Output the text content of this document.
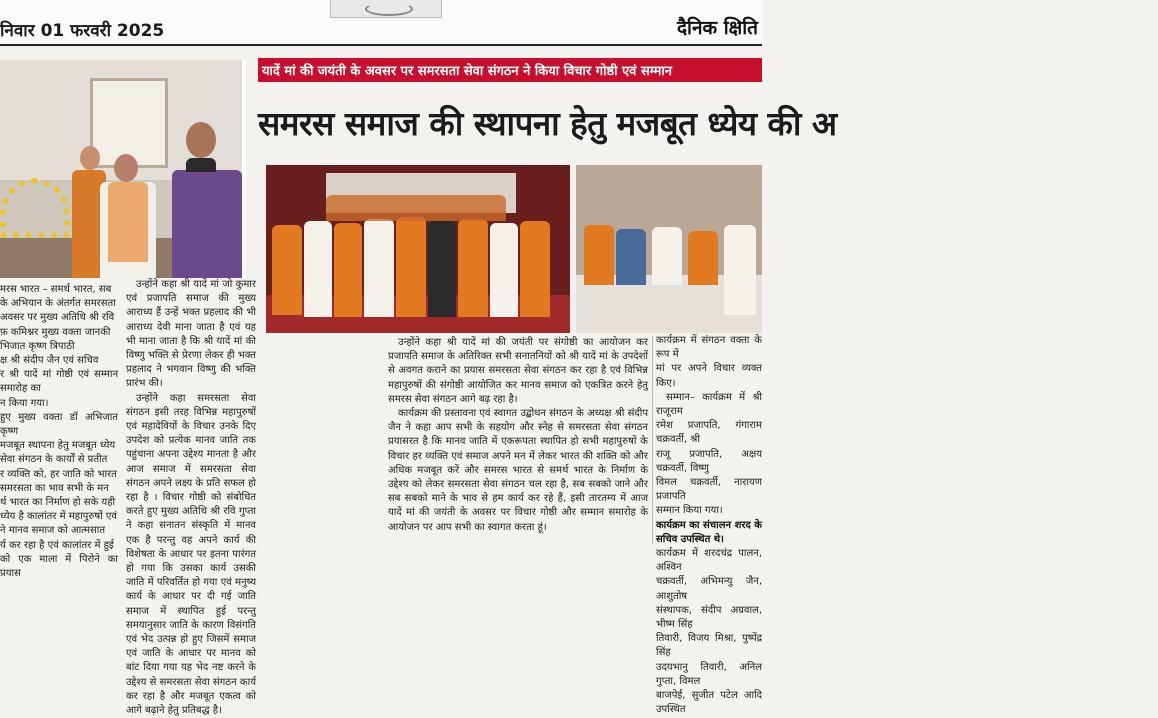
निवार 01 फरवरी 2025	दैनिक क्षिति
यादें मां की जयंती के अवसर पर समरसता सेवा संगठन ने किया विचार गोष्ठी एवं सम्मान
समरस समाज की स्थापना हेतु मजबूत ध्येय की अ

मरस भारत – समर्थ भारत, सब

के अभियान के अंतर्गत समरसता

अवसर पर मुख्य अतिथि श्री रवि

फ़ कमिश्नर मुख्य वक्ता जानकी

भिजात कृष्ण त्रिपाठी

क्ष श्री संदीप जैन एवं सचिव

र श्री यादें मां गोष्ठी एवं सम्मान समारोह का

न किया गया।

हुए मुख्य वक्ता डॉ अभिजात कृष्ण

मजबूत स्थापना हेतु मजबूत ध्येय

सेवा संगठन के कार्यों से प्रतीत

र व्यक्ति को, हर जाति को भारत

समरसता का भाव सभी के मन

र्थ भारत का निर्माण हो सके यही

ध्येय है कालांतर में महापुरुषों एवं

ने मानव समाज को आत्मसात

र्य कर रहा है एवं कालांतर में हुई

को एक माला में पिरोने का प्रयास

उन्होंने कहा श्री यादें मां जो कुमार एवं प्रजापति समाज की मुख्य आराध्य हैं उन्हें भक्त प्रहलाद की भी आराध्य देवी माना जाता है एवं यह भी माना जाता है कि श्री यादें मां की विष्णु भक्ति से प्रेरणा लेकर ही भक्त प्रहलाद ने भगवान विष्णु की भक्ति प्रारंभ की।

उन्होंने कहा समरसता सेवा संगठन इसी तरह विभिन्न महापुरुषों एवं महादेवियों के विचार उनके दिए उपदेश को प्रत्येक मानव जाति तक पहुंचाना अपना उद्देश्य मानता है और आज समाज में समरसता सेवा संगठन अपने लक्ष्य के प्रति सफल हो रहा है । विचार गोष्ठी को संबोधित करते हुए मुख्य अतिथि श्री रवि गुप्ता ने कहा सनातन संस्कृति में मानव एक है परन्तु वह अपने कार्य की विशेषता के आधार पर इतना पारंगत हो गया कि उसका कार्य उसकी जाति में परिवर्तित हो गया एवं मनुष्य कार्य के आधार पर दी गई जाति समाज में स्थापित हुई परन्तु समयानुसार जाति के कारण विसंगति एवं भेद उत्पन्न हो हुए जिसमें समाज एवं जाति के आधार पर मानव को बांट दिया गया यह भेद नष्ट करने के उद्देश्य से समरसता सेवा संगठन कार्य कर रहा है और मजबूत एकत्व को आगे बढ़ाने हेतु प्रतिबद्ध है।

उन्होंने कहा श्री यादें मां की जयंती पर संगोष्ठी का आयोजन कर प्रजापति समाज के अतिरिक्त सभी सनातनियों को श्री यादें मां के उपदेशों से अवगत कराने का प्रयास समरसता सेवा संगठन कर रहा है एवं विभिन्न महापुरुषों की संगोष्ठी आयोजित कर मानव समाज को एकत्रित करने हेतु समरस सेवा संगठन आगे बढ़ रहा है।

कार्यक्रम की प्रस्तावना एवं स्वागत उद्बोधन संगठन के अध्यक्ष श्री संदीप जैन ने कहा आप सभी के सहयोग और स्नेह से समरसता सेवा संगठन प्रयासरत है कि मानव जाति में एकरूपता स्थापित हो सभी महापुरुषों के विचार हर व्यक्ति एवं समाज अपने मन में लेकर भारत की शक्ति को और अधिक मजबूत करें और समरस भारत से समर्थ भारत के निर्माण के उद्देश्य को लेकर समरसता सेवा संगठन चल रहा है, सब सबको जाने और सब सबको माने के भाव से हम कार्य कर रहे हैं, इसी तारतम्य में आज यादें मां की जयंती के अवसर पर विचार गोष्ठी और सम्मान समारोह के आयोजन पर आप सभी का स्वागत करता हूं।

कार्यक्रम में संगठन वक्ता के रूप में

मां पर अपने विचार व्यक्त किए।

सम्मान– कार्यक्रम में श्री राजूराम

रमेश प्रजापति, गंगाराम चक्रवर्ती, श्री

राजू प्रजापति, अक्षय चक्रवर्ती, विष्णु

विमल चक्रवर्ती, नारायण प्रजापति

सम्मान किया गया।

कार्यक्रम का संचालन शरद के सचिव उपस्थित थे।

कार्यक्रम में शरदचंद्र पालन, अश्विन

चक्रवर्ती, अभिमन्यु जैन, आशुतोष

संस्थापक, संदीप अग्रवाल, भीष्म सिंह

तिवारी, विजय मिश्रा, पुष्पेंद्र सिंह

उदयभानु तिवारी, अनिल गुप्ता, विमल

बाजपेई, सुजीत पटेल आदि उपस्थित
